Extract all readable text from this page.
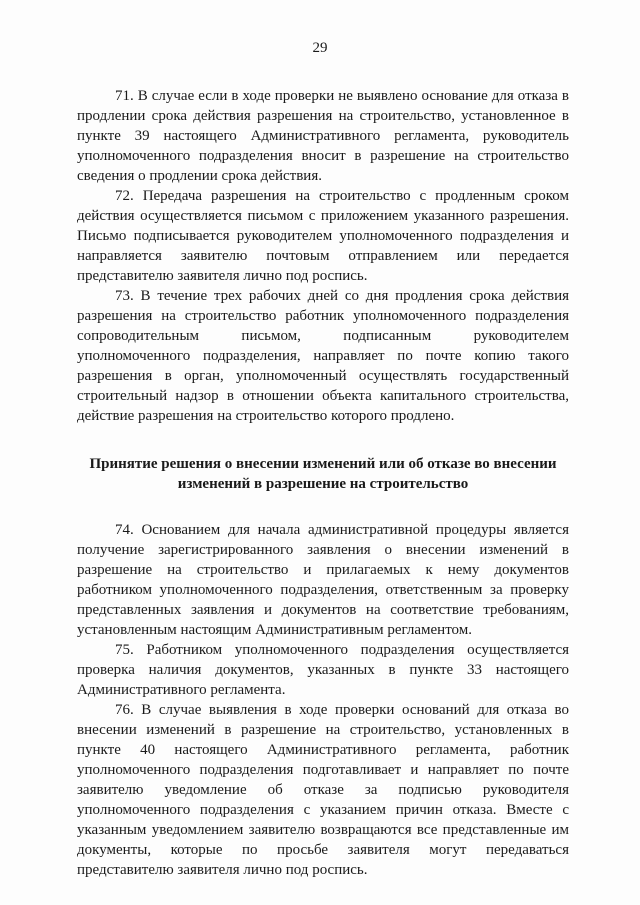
29

71. В случае если в ходе проверки не выявлено основание для отказа в продлении срока действия разрешения на строительство, установленное в пункте 39 настоящего Административного регламента, руководитель уполномоченного подразделения вносит в разрешение на строительство сведения о продлении срока действия.

72. Передача разрешения на строительство с продленным сроком действия осуществляется письмом с приложением указанного разрешения. Письмо подписывается руководителем уполномоченного подразделения и направляется заявителю почтовым отправлением или передается представителю заявителя лично под роспись.

73. В течение трех рабочих дней со дня продления срока действия разрешения на строительство работник уполномоченного подразделения сопроводительным письмом, подписанным руководителем уполномоченного подразделения, направляет по почте копию такого разрешения в орган, уполномоченный осуществлять государственный строительный надзор в отношении объекта капитального строительства, действие разрешения на строительство которого продлено.

Принятие решения о внесении изменений или об отказе во внесении изменений в разрешение на строительство

74. Основанием для начала административной процедуры является получение зарегистрированного заявления о внесении изменений в разрешение на строительство и прилагаемых к нему документов работником уполномоченного подразделения, ответственным за проверку представленных заявления и документов на соответствие требованиям, установленным настоящим Административным регламентом.

75. Работником уполномоченного подразделения осуществляется проверка наличия документов, указанных в пункте 33 настоящего Административного регламента.

76. В случае выявления в ходе проверки оснований для отказа во внесении изменений в разрешение на строительство, установленных в пункте 40 настоящего Административного регламента, работник уполномоченного подразделения подготавливает и направляет по почте заявителю уведомление об отказе за подписью руководителя уполномоченного подразделения с указанием причин отказа. Вместе с указанным уведомлением заявителю возвращаются все представленные им документы, которые по просьбе заявителя могут передаваться представителю заявителя лично под роспись.
